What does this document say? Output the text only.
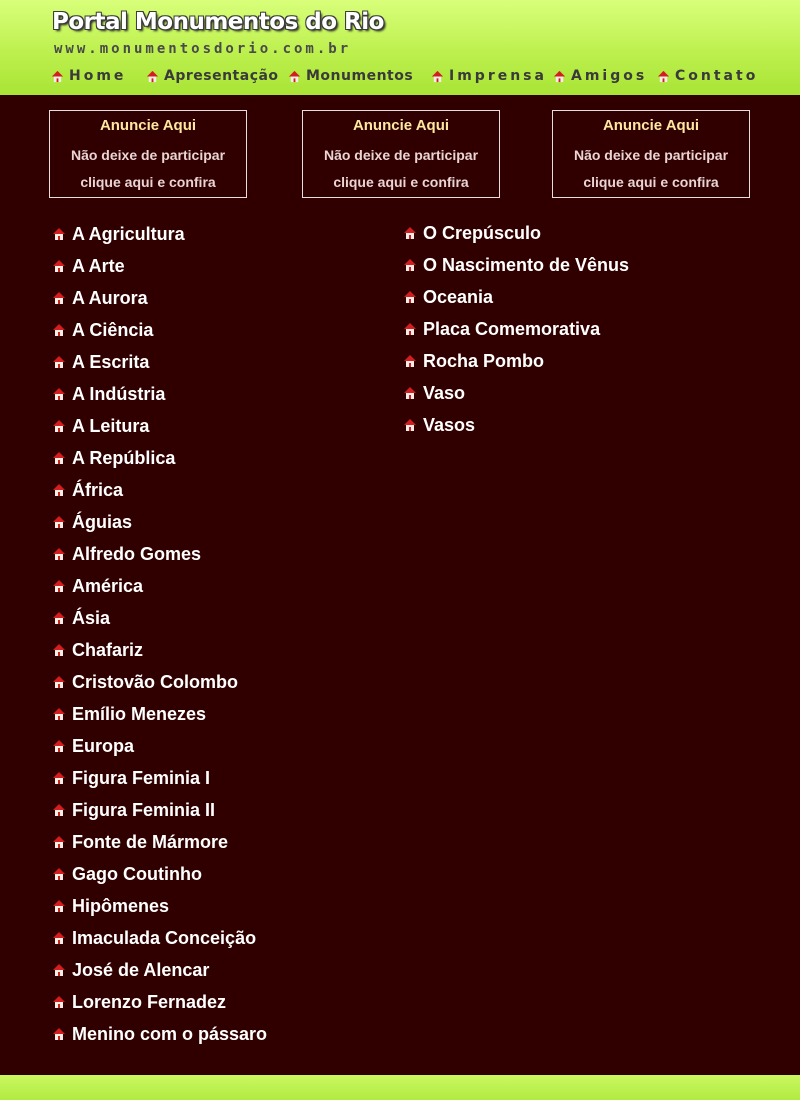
Portal Monumentos do Rio
www.monumentosdorio.com.br
Home	Apresentação Monumentos	Imprensa Amigos Contato
Anuncie Aqui
Não deixe de participar
clique aqui e confira
Anuncie Aqui
Não deixe de participar
clique aqui e confira
Anuncie Aqui
Não deixe de participar
clique aqui e confira
A Agricultura
A Arte
A Aurora
A Ciência
A Escrita
A Indústria
A Leitura
A República
África
Águias
Alfredo Gomes
América
Ásia
Chafariz
Cristovão Colombo
Emílio Menezes
Europa
Figura Feminia I
Figura Feminia II
Fonte de Mármore
Gago Coutinho
Hipômenes
Imaculada Conceição
José de Alencar
Lorenzo Fernadez
Menino com o pássaro
O Crepúsculo
O Nascimento de Vênus
Oceania
Placa Comemorativa
Rocha Pombo
Vaso
Vasos
